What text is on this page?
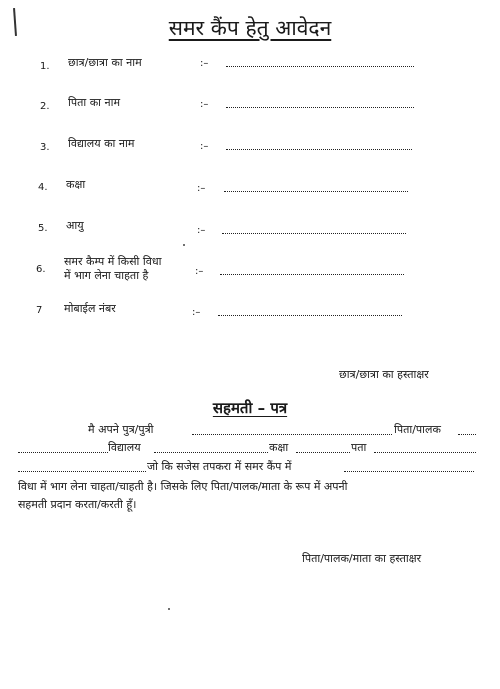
समर कैंप हेतु आवेदन
1. छात्र/छात्रा का नाम	:–
2. पिता का नाम	:–
3. विद्यालय का नाम	:–
4. कक्षा	:–
5. आयु	:–
6.
समर कैम्प में किसी विधा
में भाग लेना चाहता है	:–
7 मोबाईल नंबर	:–
छात्र/छात्रा का हस्ताक्षर
सहमती – पत्र
मै अपने पुत्र/पुत्री	पिता/पालक
विद्यालय	कक्षा	पता
जो कि सजेस तपकरा में समर कैंप में
विधा में भाग लेना चाहता/चाहती है। जिसके लिए पिता/पालक/माता के रूप में अपनी
सहमती प्रदान करता/करती हूँ।
पिता/पालक/माता का हस्ताक्षर
